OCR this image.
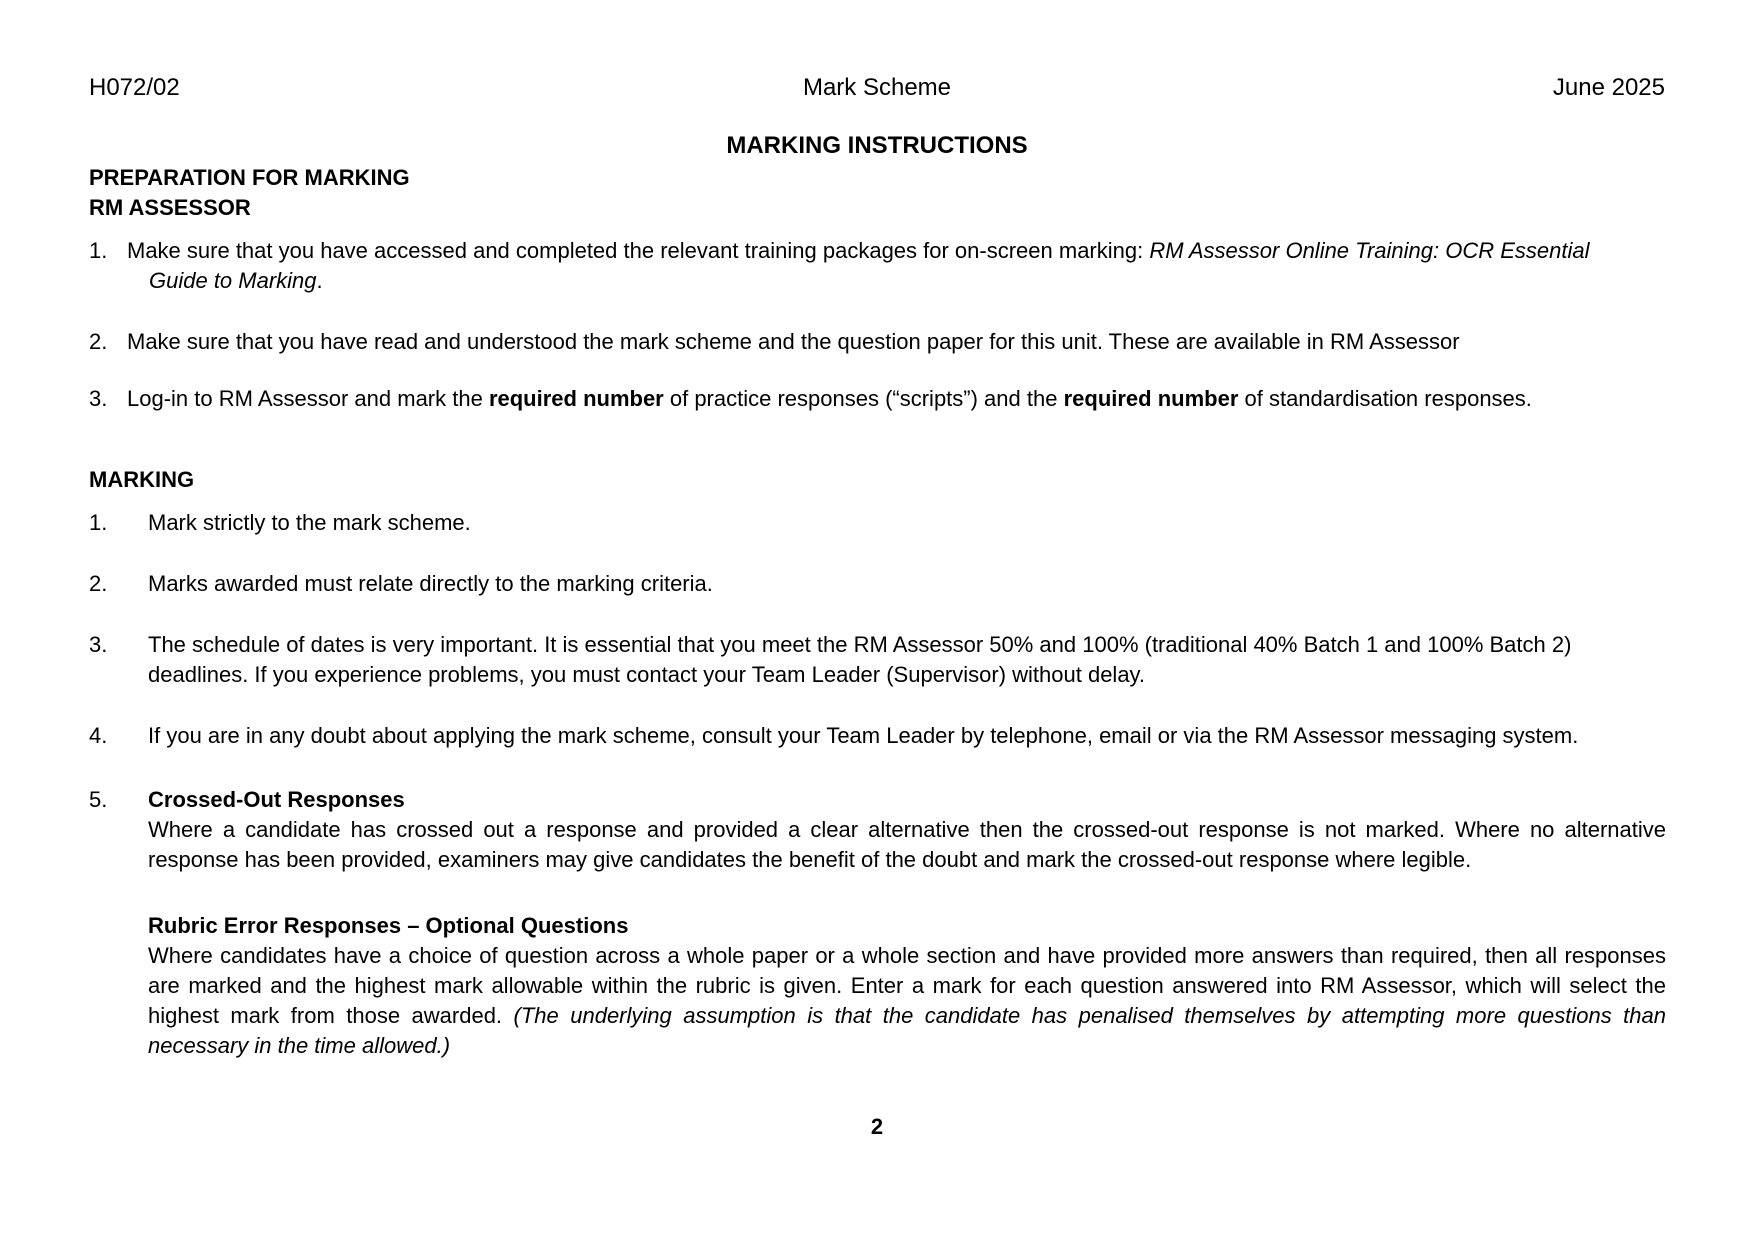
H072/02	Mark Scheme	June 2025
MARKING INSTRUCTIONS
PREPARATION FOR MARKING
RM ASSESSOR
1. Make sure that you have accessed and completed the relevant training packages for on-screen marking: RM Assessor Online Training: OCR Essential
Guide to Marking.
2. Make sure that you have read and understood the mark scheme and the question paper for this unit. These are available in RM Assessor
3. Log-in to RM Assessor and mark the required number of practice responses (“scripts”) and the required number of standardisation responses.
MARKING
1. Mark strictly to the mark scheme.
2. Marks awarded must relate directly to the marking criteria.
3. The schedule of dates is very important. It is essential that you meet the RM Assessor 50% and 100% (traditional 40% Batch 1 and 100% Batch 2)
deadlines. If you experience problems, you must contact your Team Leader (Supervisor) without delay.
4. If you are in any doubt about applying the mark scheme, consult your Team Leader by telephone, email or via the RM Assessor messaging system.
5. Crossed-Out Responses
Where a candidate has crossed out a response and provided a clear alternative then the crossed-out response is not marked. Where no alternative response has been provided, examiners may give candidates the benefit of the doubt and mark the crossed-out response where legible.
Rubric Error Responses – Optional Questions
Where candidates have a choice of question across a whole paper or a whole section and have provided more answers than required, then all responses are marked and the highest mark allowable within the rubric is given. Enter a mark for each question answered into RM Assessor, which will select the highest mark from those awarded. (The underlying assumption is that the candidate has penalised themselves by attempting more questions than necessary in the time allowed.)
2
